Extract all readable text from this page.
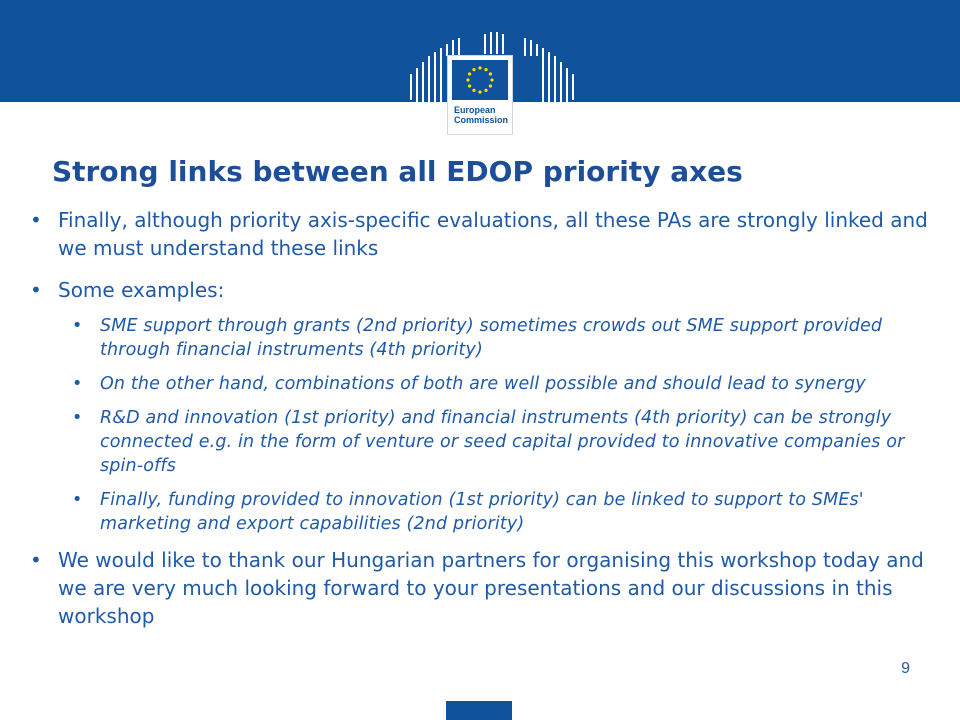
European
Commission
Strong links between all EDOP priority axes

• Finally, although priority axis-specific evaluations, all these PAs are strongly linked and we must understand these links

• Some examples:

• SME support through grants (2nd priority) sometimes crowds out SME support provided through financial instruments (4th priority)

• On the other hand, combinations of both are well possible and should lead to synergy

• R&D and innovation (1st priority) and financial instruments (4th priority) can be strongly connected e.g. in the form of venture or seed capital provided to innovative companies or spin-offs

• Finally, funding provided to innovation (1st priority) can be linked to support to SMEs' marketing and export capabilities (2nd priority)

• We would like to thank our Hungarian partners for organising this workshop today and we are very much looking forward to your presentations and our discussions in this workshop

9
